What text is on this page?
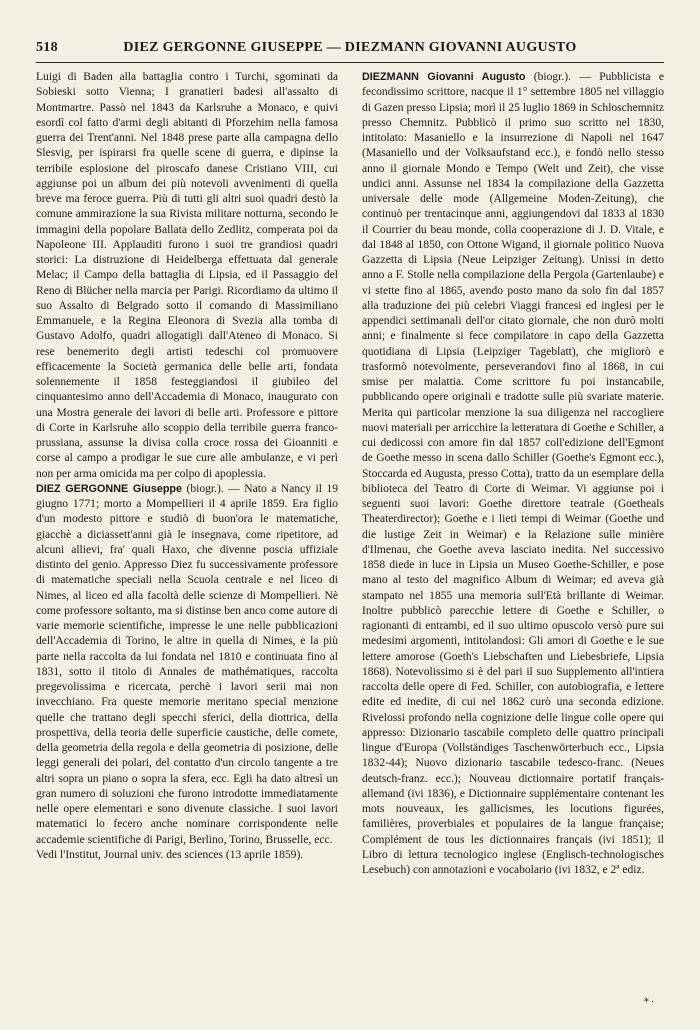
518	DIEZ GERGONNE GIUSEPPE — DIEZMANN GIOVANNI AUGUSTO

Luigi di Baden alla battaglia contro i Turchi, sgominati da Sobieski sotto Vienna; I granatieri badesi all'assalto di Montmartre. Passò nel 1843 da Karlsruhe a Monaco, e quivi esordì col fatto d'armi degli abitanti di Pforzehim nella famosa guerra dei Trent'anni. Nel 1848 prese parte alla campagna dello Slesvig, per ispirarsi fra quelle scene di guerra, e dipinse la terribile esplosione del piroscafo danese Cristiano VIII, cui aggiunse poi un album dei più notevoli avvenimenti di quella breve ma feroce guerra. Più di tutti gli altri suoi quadri destò la comune ammirazione la sua Rivista militare notturna, secondo le immagini della popolare Ballata dello Zedlitz, comperata poi da Napoleone III. Applauditi furono i suoi tre grandiosi quadri storici: La distruzione di Heidelberga effettuata dal generale Melac; il Campo della battaglia di Lipsia, ed il Passaggio del Reno di Blücher nella marcia per Parigi. Ricordiamo da ultimo il suo Assalto di Belgrado sotto il comando di Massimiliano Emmanuele, e la Regina Eleonora di Svezia alla tomba di Gustavo Adolfo, quadri allogatigli dall'Ateneo di Monaco. Si rese benemerito degli artisti tedeschi col promuovere efficacemente la Società germanica delle belle arti, fondata solennemente il 1858 festeggiandosi il giubileo del cinquantesimo anno dell'Accademia di Monaco, inaugurato con una Mostra generale dei lavori di belle arti. Professore e pittore di Corte in Karlsruhe allo scoppio della terribile guerra franco-prussiana, assunse la divisa colla croce rossa dei Gioanniti e corse al campo a prodigar le sue cure alle ambulanze, e vi perì non per arma omicida ma per colpo di apoplessia.

DIEZ GERGONNE Giuseppe (biogr.). — Nato a Nancy il 19 giugno 1771; morto a Mompellieri il 4 aprile 1859. Era figlio d'un modesto pittore e studiò di buon'ora le matematiche, giacchè a diciassett'anni già le insegnava, come ripetitore, ad alcuni allievi, fra' quali Haxo, che divenne poscia uffiziale distinto del genio. Appresso Diez fu successivamente professore di matematiche speciali nella Scuola centrale e nel liceo di Nimes, al liceo ed alla facoltà delle scienze di Mompellieri. Nè come professore soltanto, ma si distinse ben anco come autore di varie memorie scientifiche, impresse le une nelle pubblicazioni dell'Accademia di Torino, le altre in quella di Nimes, e la più parte nella raccolta da lui fondata nel 1810 e continuata fino al 1831, sotto il titolo di Annales de mathématiques, raccolta pregevolissima e ricercata, perchè i lavori serii mai non invecchiano. Fra queste memorie meritano special menzione quelle che trattano degli specchi sferici, della diottrica, della prospettiva, della teoria delle superficie caustiche, delle comete, della geometria della regola e della geometria di posizione, delle leggi generali dei polari, del contatto d'un circolo tangente a tre altri sopra un piano o sopra la sfera, ecc. Egli ha dato altresì un gran numero di soluzioni che furono introdotte immediatamente nelle opere elementari e sono divenute classiche. I suoi lavori matematici lo fecero anche nominare corrispondente nelle accademie scientifiche di Parigi, Berlino, Torino, Brusselle, ecc.

Vedi l'Institut, Journal univ. des sciences (13 aprile 1859).

DIEZMANN Giovanni Augusto (biogr.). — Pubblicista e fecondissimo scrittore, nacque il 1° settembre 1805 nel villaggio di Gazen presso Lipsia; morì il 25 luglio 1869 in Schloschemnitz presso Chemnitz. Pubblicò il primo suo scritto nel 1830, intitolato: Masaniello e la insurrezione di Napoli nel 1647 (Masaniello und der Volksaufstand ecc.), e fondò nello stesso anno il giornale Mondo e Tempo (Welt und Zeit), che visse undici anni. Assunse nel 1834 la compilazione della Gazzetta universale delle mode (Allgemeine Moden-Zeitung), che continuò per trentacinque anni, aggiungendovi dal 1833 al 1830 il Courrier du beau monde, colla cooperazione di J. D. Vitale, e dal 1848 al 1850, con Ottone Wigand, il giornale politico Nuova Gazzetta di Lipsia (Neue Leipziger Zeitung). Unissi in detto anno a F. Stolle nella compilazione della Pergola (Gartenlaube) e vi stette fino al 1865, avendo posto mano da solo fin dal 1857 alla traduzione dei più celebri Viaggi francesi ed inglesi per le appendici settimanali dell'or citato giornale, che non durò molti anni; e finalmente si fece compilatore in capo della Gazzetta quotidiana di Lipsia (Leipziger Tageblatt), che migliorò e trasformò notevolmente, perseverandovi fino al 1868, in cui smise per malattia. Come scrittore fu poi instancabile, pubblicando opere originali e tradotte sulle più svariate materie. Merita qui particolar menzione la sua diligenza nel raccogliere nuovi materiali per arricchire la letteratura di Goethe e Schiller, a cui dedicossi con amore fin dal 1857 coll'edizione dell'Egmont de Goethe messo in scena dallo Schiller (Goethe's Egmont ecc.), Stoccarda ed Augusta, presso Cotta), tratto da un esemplare della biblioteca del Teatro di Corte di Weimar. Vi aggiunse poi i seguenti suoi lavori: Goethe direttore teatrale (Goetheals Theaterdirector); Goethe e i lieti tempi di Weimar (Goethe und die lustige Zeit in Weimar) e la Relazione sulle minière d'Ilmenau, che Goethe aveva lasciato inedita. Nel successivo 1858 diede in luce in Lipsia un Museo Goethe-Schiller, e pose mano al testo del magnifico Album di Weimar; ed aveva già stampato nel 1855 una memoria sull'Età brillante di Weimar. Inoltre pubblicò parecchie lettere di Goethe e Schiller, o ragionanti di entrambi, ed il suo ultimo opuscolo versò pure sui medesimi argomenti, intitolandosi: Gli amori di Goethe e le sue lettere amorose (Goeth's Liebschaften und Liebesbriefe, Lipsia 1868). Notevolissimo si è del pari il suo Supplemento all'intiera raccolta delle opere di Fed. Schiller, con autobiografia, e lettere edite ed inedite, di cui nel 1862 curò una seconda edizione. Rivelossi profondo nella cognizione delle lingue colle opere qui appresso: Dizionario tascabile completo delle quattro principali lingue d'Europa (Vollständiges Taschenwörterbuch ecc., Lipsia 1832-44); Nuovo dizionario tascabile tedesco-franc. (Neues deutsch-franz. ecc.); Nouveau dictionnaire portatif français-allemand (ivi 1836), e Dictionnaire supplémentaire contenant les mots nouveaux, les gallicismes, les locutions figurées, familières, proverbiales et populaires de la langue française; Complément de tous les dictionnaires français (ivi 1851); il Libro di lettura tecnologico inglese (Englisch-technologisches Lesebuch) con annotazioni e vocabolario (ivi 1832, e 2ª ediz.

*·
